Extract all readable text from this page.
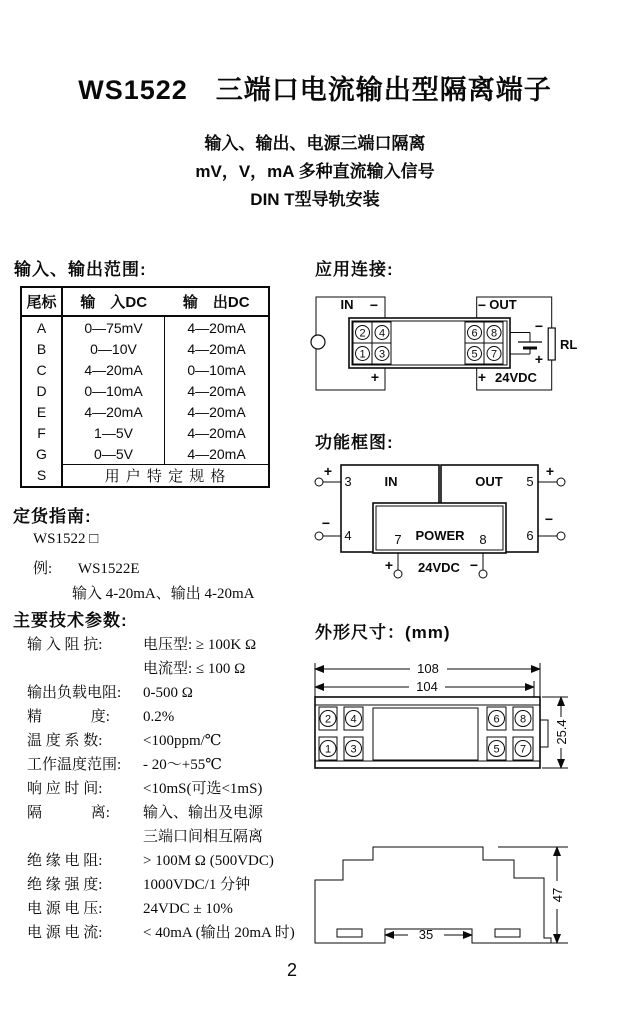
WS1522　三端口电流输出型隔离端子
输入、输出、电源三端口隔离
mV，V，mA 多种直流输入信号
DIN T型导轨安装
输入、输出范围:
尾标	输　入DC	输　出DC
A	0—75mV	4—20mA
B	0—10V	4—20mA
C	4—20mA	0—10mA
D	0—10mA	4—20mA
E	4—20mA	4—20mA
F	1—5V	4—20mA
G	0—5V	4—20mA
S	用 户 特 定 规 格	
定货指南:
WS1522 □
例: WS1522E
输入 4-20mA、输出 4-20mA
主要技术参数:
输 入 阻 抗:	电压型: ≥ 100K Ω
电流型: ≤ 100 Ω
输出负载电阻: 0-500 Ω
精　　　 度: 0.2%
温 度 系 数:	<100ppm/℃
工作温度范围: - 20～+55℃
响 应 时 间:	<10mS(可选<1mS)
隔　　　 离: 输入、输出及电源
三端口间相互隔离
绝 缘 电 阻:	> 100M Ω (500VDC)
绝 缘 强 度:	1000VDC/1 分钟
电 源 电 压:	24VDC ± 10%
电 源 电 流:	< 40mA (输出 20mA 时)
应用连接:
IN −
+
2 4
1 3
6 8
5 7
−
+
OUT
−
+ 24VDC
RL
功能框图:
+
−
+
−
3
4
IN	OUT 5
6
7 POWER 8
+	−
24VDC
外形尺寸：(mm)
108
104
2 4
1 3
6 8
5 7
25.4
35
47
2
